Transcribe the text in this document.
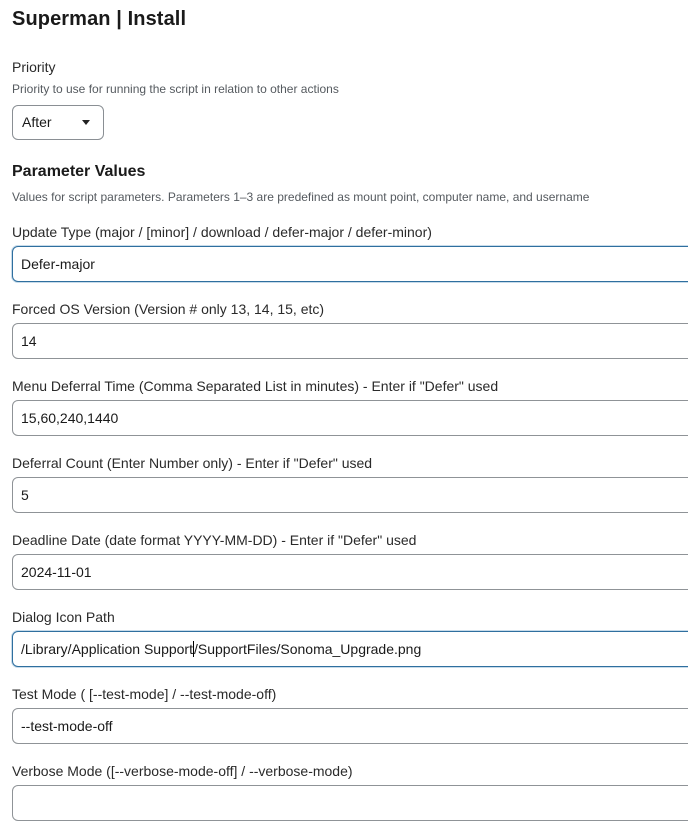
Superman | Install
Priority
Priority to use for running the script in relation to other actions
After
Parameter Values
Values for script parameters. Parameters 1–3 are predefined as mount point, computer name, and username
Update Type (major / [minor] / download / defer-major / defer-minor)
Defer-major
Forced OS Version (Version # only 13, 14, 15, etc)
14
Menu Deferral Time (Comma Separated List in minutes) - Enter if "Defer" used
15,60,240,1440
Deferral Count (Enter Number only) - Enter if "Defer" used
5
Deadline Date (date format YYYY-MM-DD) - Enter if "Defer" used
2024-11-01
Dialog Icon Path
/Library/Application Support/SupportFiles/Sonoma_Upgrade.png
Test Mode ( [--test-mode] / --test-mode-off)
--test-mode-off
Verbose Mode ([--verbose-mode-off] / --verbose-mode)
